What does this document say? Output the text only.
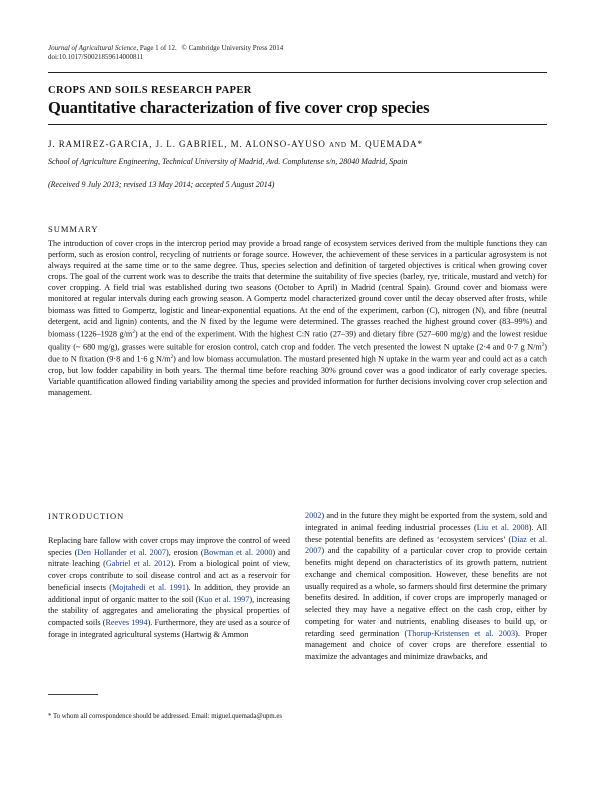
Journal of Agricultural Science, Page 1 of 12. © Cambridge University Press 2014
doi:10.1017/S0021859614000811
CROPS AND SOILS RESEARCH PAPER
Quantitative characterization of five cover crop species
J. RAMIREZ-GARCIA, J. L. GABRIEL, M. ALONSO-AYUSO AND M. QUEMADA*
School of Agriculture Engineering, Technical University of Madrid, Avd. Complutense s/n, 28040 Madrid, Spain
(Received 9 July 2013; revised 13 May 2014; accepted 5 August 2014)
SUMMARY
The introduction of cover crops in the intercrop period may provide a broad range of ecosystem services derived from the multiple functions they can perform, such as erosion control, recycling of nutrients or forage source. However, the achievement of these services in a particular agrosystem is not always required at the same time or to the same degree. Thus, species selection and definition of targeted objectives is critical when growing cover crops. The goal of the current work was to describe the traits that determine the suitability of five species (barley, rye, triticale, mustard and vetch) for cover cropping. A field trial was established during two seasons (October to April) in Madrid (central Spain). Ground cover and biomass were monitored at regular intervals during each growing season. A Gompertz model characterized ground cover until the decay observed after frosts, while biomass was fitted to Gompertz, logistic and linear-exponential equations. At the end of the experiment, carbon (C), nitrogen (N), and fibre (neutral detergent, acid and lignin) contents, and the N fixed by the legume were determined. The grasses reached the highest ground cover (83–99%) and biomass (1226–1928 $g/m^2$) at the end of the experiment. With the highest C:N ratio (27–39) and dietary fibre (527–600 mg/g) and the lowest residue quality (~ 680 mg/g), grasses were suitable for erosion control, catch crop and fodder. The vetch presented the lowest N uptake (2·4 and 0·7 g $N/m^2$) due to N fixation (9·8 and 1·6 g $N/m^2$) and low biomass accumulation. The mustard presented high N uptake in the warm year and could act as a catch crop, but low fodder capability in both years. The thermal time before reaching 30% ground cover was a good indicator of early coverage species. Variable quantification allowed finding variability among the species and provided information for further decisions involving cover crop selection and management.
INTRODUCTION

Replacing bare fallow with cover crops may improve the control of weed species (Den Hollander et al. 2007), erosion (Bowman et al. 2000) and nitrate leaching (Gabriel et al. 2012). From a biological point of view, cover crops contribute to soil disease control and act as a reservoir for beneficial insects (Mojtahedi et al. 1991). In addition, they provide an additional input of organic matter to the soil (Kuo et al. 1997), increasing the stability of aggregates and ameliorating the physical properties of compacted soils (Reeves 1994). Furthermore, they are used as a source of forage in integrated agricultural systems (Hartwig & Ammon

2002) and in the future they might be exported from the system, sold and integrated in animal feeding industrial processes (Liu et al. 2008). All these potential benefits are defined as ‘ecosystem services’ (Díaz et al. 2007) and the capability of a particular cover crop to provide certain benefits might depend on characteristics of its growth pattern, nutrient exchange and chemical composition. However, these benefits are not usually required as a whole, so farmers should first determine the primary benefits desired. In addition, if cover crops are improperly managed or selected they may have a negative effect on the cash crop, either by competing for water and nutrients, enabling diseases to build up, or retarding seed germination (Thorup-Kristensen et al. 2003). Proper management and choice of cover crops are therefore essential to maximize the advantages and minimize drawbacks, and

* To whom all correspondence should be addressed. Email: miguel.quemada@upm.es
